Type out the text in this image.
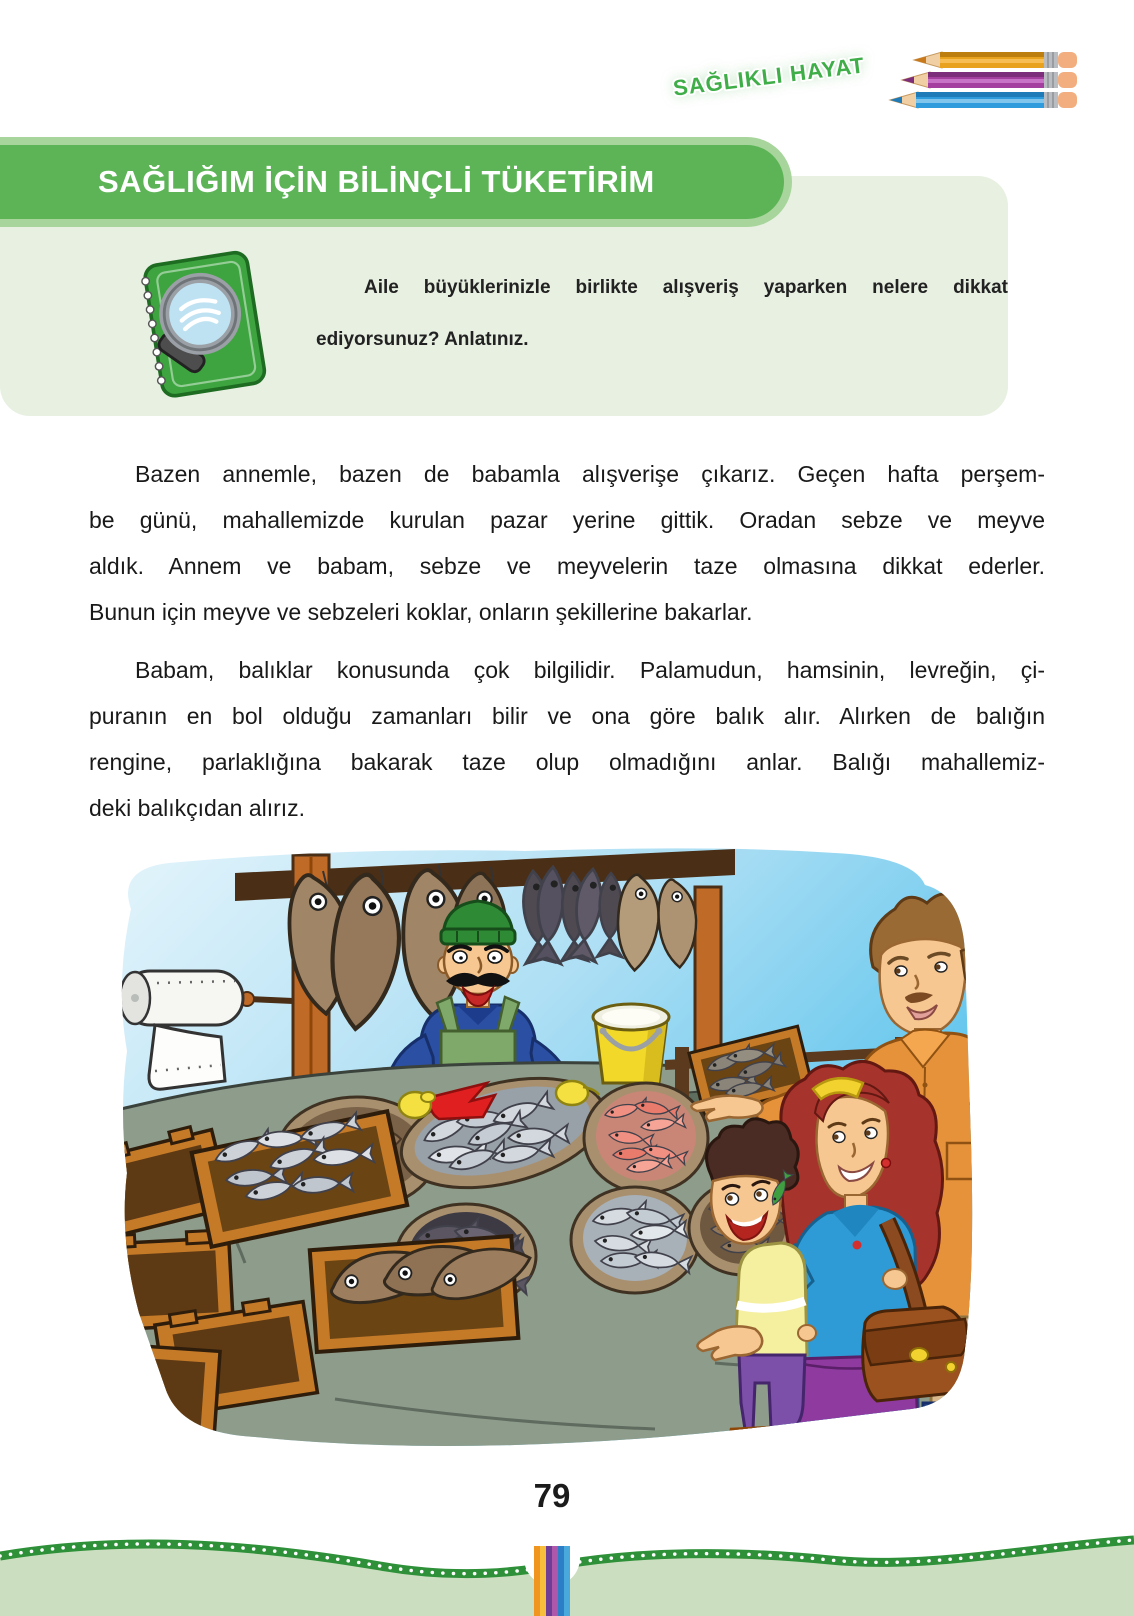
SAĞLIKLI HAYAT
SAĞLIĞIM İÇİN BİLİNÇLİ TÜKETİRİM
Aile büyüklerinizle birlikte alışveriş yaparken nelere dikkat
ediyorsunuz? Anlatınız.
Bazen annemle, bazen de babamla alışverişe çıkarız. Geçen hafta perşem-
be günü, mahallemizde kurulan pazar yerine gittik. Oradan sebze ve meyve
aldık. Annem ve babam, sebze ve meyvelerin taze olmasına dikkat ederler.
Bunun için meyve ve sebzeleri koklar, onların şekillerine bakarlar.
Babam, balıklar konusunda çok bilgilidir. Palamudun, hamsinin, levreğin, çi-
puranın en bol olduğu zamanları bilir ve ona göre balık alır. Alırken de balığın
rengine, parlaklığına bakarak taze olup olmadığını anlar. Balığı mahallemiz-
deki balıkçıdan alırız.
79
